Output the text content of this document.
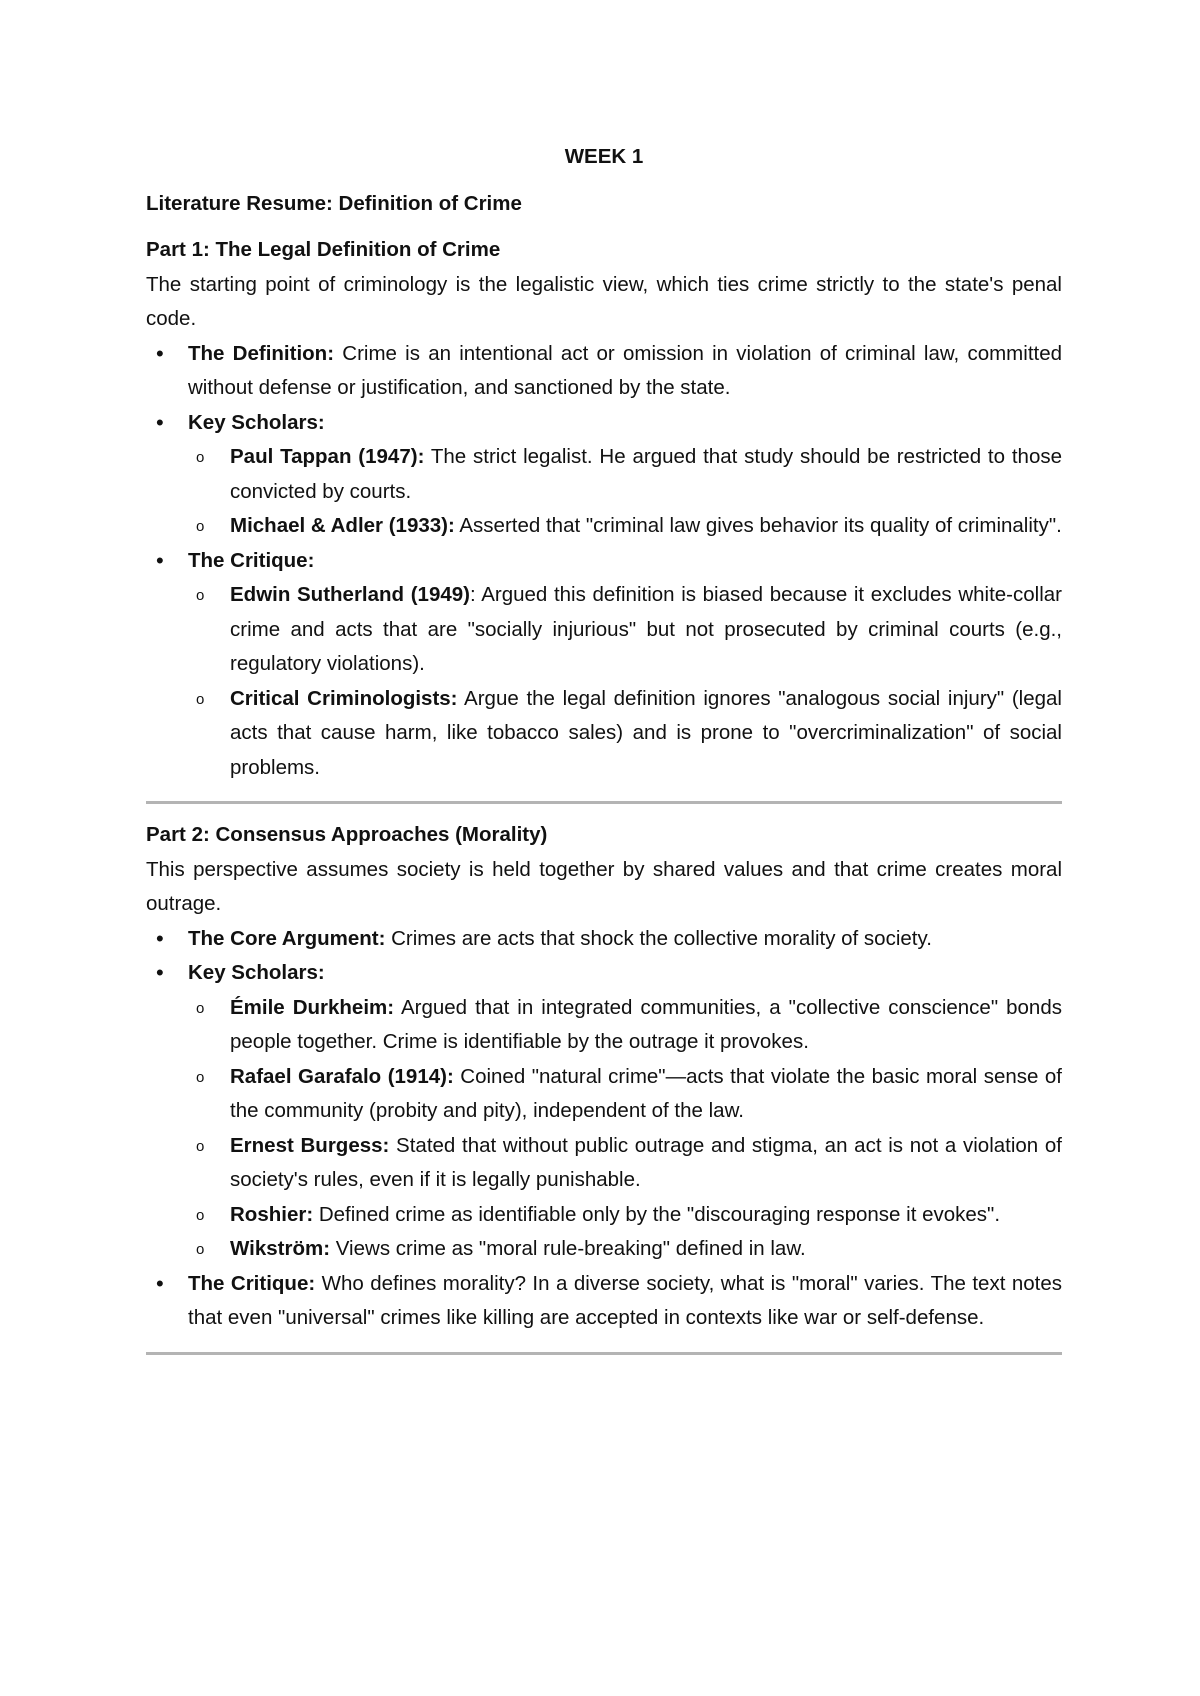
WEEK 1
Literature Resume: Definition of Crime
Part 1: The Legal Definition of Crime

The starting point of criminology is the legalistic view, which ties crime strictly to the state's penal code.

• The Definition: Crime is an intentional act or omission in violation of criminal law, committed without defense or justification, and sanctioned by the state.
• Key Scholars:
o Paul Tappan (1947): The strict legalist. He argued that study should be restricted to those convicted by courts.
o Michael & Adler (1933): Asserted that "criminal law gives behavior its quality of criminality".
• The Critique:
o Edwin Sutherland (1949): Argued this definition is biased because it excludes white-collar crime and acts that are "socially injurious" but not prosecuted by criminal courts (e.g., regulatory violations).
o Critical Criminologists: Argue the legal definition ignores "analogous social injury" (legal acts that cause harm, like tobacco sales) and is prone to "overcriminalization" of social problems.
Part 2: Consensus Approaches (Morality)

This perspective assumes society is held together by shared values and that crime creates moral outrage.

• The Core Argument: Crimes are acts that shock the collective morality of society.
• Key Scholars:
o Émile Durkheim: Argued that in integrated communities, a "collective conscience" bonds people together. Crime is identifiable by the outrage it provokes.
o Rafael Garafalo (1914): Coined "natural crime"—acts that violate the basic moral sense of the community (probity and pity), independent of the law.
o Ernest Burgess: Stated that without public outrage and stigma, an act is not a violation of society's rules, even if it is legally punishable.
o Roshier: Defined crime as identifiable only by the "discouraging response it evokes".
o Wikström: Views crime as "moral rule-breaking" defined in law.
• The Critique: Who defines morality? In a diverse society, what is "moral" varies. The text notes that even "universal" crimes like killing are accepted in contexts like war or self-defense.
